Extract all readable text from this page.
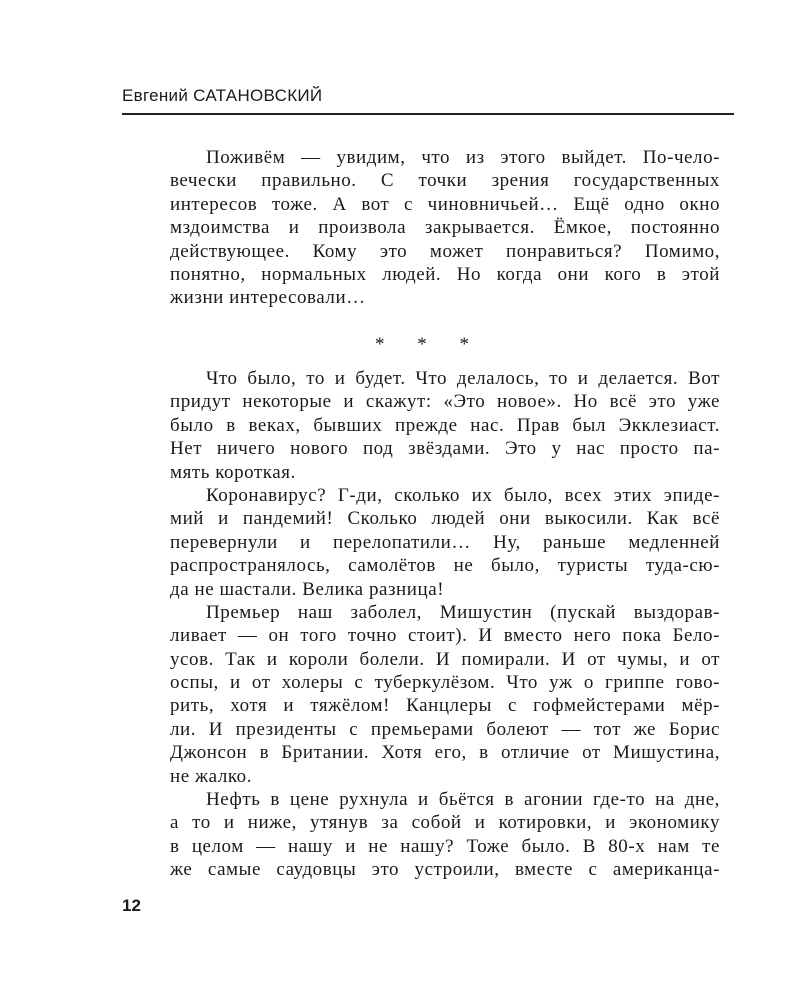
Евгений САТАНОВСКИЙ

Поживём — увидим, что из этого выйдет. По-чело-
вечески правильно. С точки зрения государственных
интересов тоже. А вот с чиновничьей… Ещё одно окно
мздоимства и произвола закрывается. Ёмкое, постоянно
действующее. Кому это может понравиться? Помимо,
понятно, нормальных людей. Но когда они кого в этой
жизни интересовали…

* * *

Что было, то и будет. Что делалось, то и делается. Вот
придут некоторые и скажут: «Это новое». Но всё это уже
было в веках, бывших прежде нас. Прав был Экклезиаст.
Нет ничего нового под звёздами. Это у нас просто па-
мять короткая.

Коронавирус? Г-ди, сколько их было, всех этих эпиде-
мий и пандемий! Сколько людей они выкосили. Как всё
перевернули и перелопатили… Ну, раньше медленней
распространялось, самолётов не было, туристы туда-сю-
да не шастали. Велика разница!

Премьер наш заболел, Мишустин (пускай выздорав-
ливает — он того точно стоит). И вместо него пока Бело-
усов. Так и короли болели. И помирали. И от чумы, и от
оспы, и от холеры с туберкулёзом. Что уж о гриппе гово-
рить, хотя и тяжёлом! Канцлеры с гофмейстерами мёр-
ли. И президенты с премьерами болеют — тот же Борис
Джонсон в Британии. Хотя его, в отличие от Мишустина,
не жалко.

Нефть в цене рухнула и бьётся в агонии где-то на дне,
а то и ниже, утянув за собой и котировки, и экономику
в целом — нашу и не нашу? Тоже было. В 80-х нам те
же самые саудовцы это устроили, вместе с американца-

12
